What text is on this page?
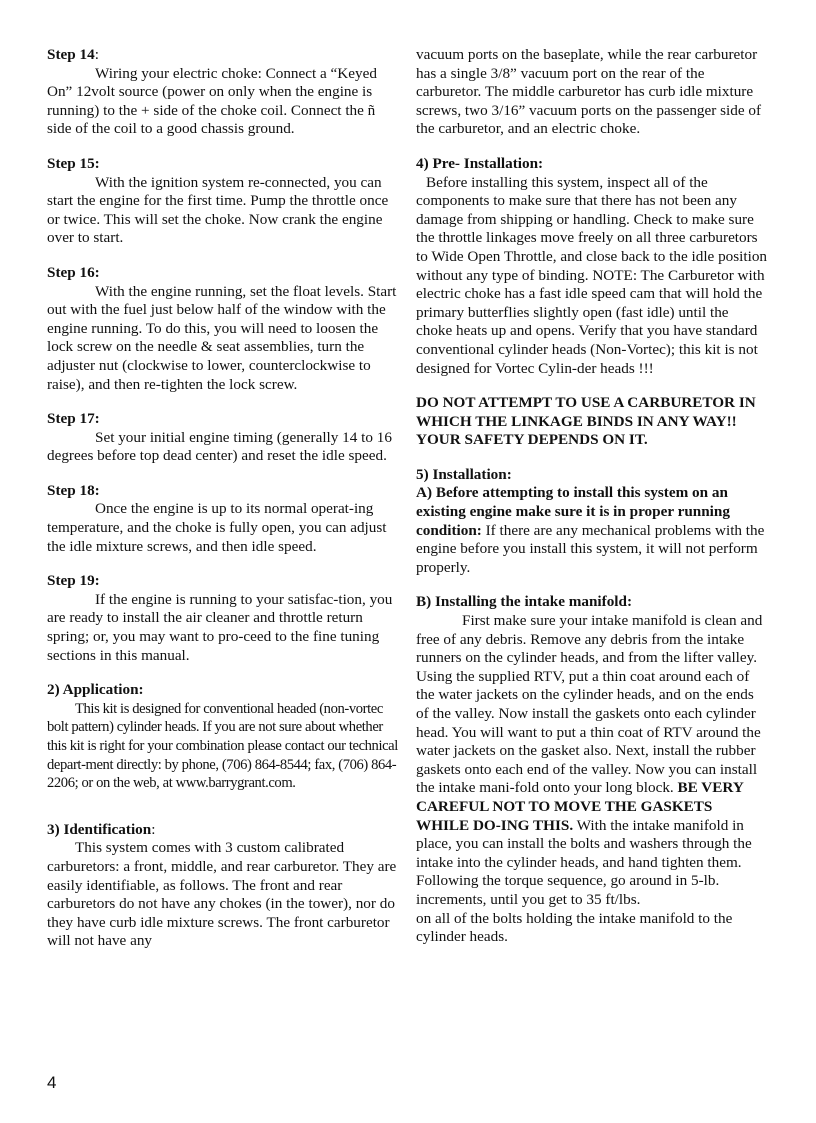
Step 14:
Wiring your electric choke: Connect a “Keyed On” 12volt source (power on only when the engine is running) to the + side of the choke coil. Connect the ñ side of the coil to a good chassis ground.
Step 15:
With the ignition system re-connected, you can start the engine for the first time. Pump the throttle once or twice. This will set the choke. Now crank the engine over to start.
Step 16:
With the engine running, set the float levels. Start out with the fuel just below half of the window with the engine running. To do this, you will need to loosen the lock screw on the needle & seat assemblies, turn the adjuster nut (clockwise to lower, counterclockwise to raise), and then re-tighten the lock screw.
Step 17:
Set your initial engine timing (generally 14 to 16 degrees before top dead center) and reset the idle speed.
Step 18:
Once the engine is up to its normal operat-ing temperature, and the choke is fully open, you can adjust the idle mixture screws, and then idle speed.
Step 19:
If the engine is running to your satisfac-tion, you are ready to install the air cleaner and throttle return spring; or, you may want to pro-ceed to the fine tuning sections in this manual.
2) Application:
This kit is designed for conventional headed (non-vortec bolt pattern) cylinder heads. If you are not sure about whether this kit is right for your combination please contact our technical depart-ment directly: by phone, (706) 864-8544; fax, (706) 864-2206; or on the web, at www.barrygrant.com.
3) Identification:
This system comes with 3 custom calibrated carburetors: a front, middle, and rear carburetor. They are easily identifiable, as follows. The front and rear carburetors do not have any chokes (in the tower), nor do they have curb idle mixture screws. The front carburetor will not have any
vacuum ports on the baseplate, while the rear carburetor has a single 3/8” vacuum port on the rear of the carburetor. The middle carburetor has curb idle mixture screws, two 3/16” vacuum ports on the passenger side of the carburetor, and an electric choke.
4) Pre- Installation:
Before installing this system, inspect all of the components to make sure that there has not been any damage from shipping or handling. Check to make sure the throttle linkages move freely on all three carburetors to Wide Open Throttle, and close back to the idle position without any type of binding. NOTE: The Carburetor with electric choke has a fast idle speed cam that will hold the primary butterflies slightly open (fast idle) until the choke heats up and opens. Verify that you have standard conventional cylinder heads (Non-Vortec); this kit is not designed for Vortec Cylin-der heads !!!
DO NOT ATTEMPT TO USE A CARBURETOR IN WHICH THE LINKAGE BINDS IN ANY WAY!! YOUR SAFETY DEPENDS ON IT.
5) Installation:
A) Before attempting to install this system on an existing engine make sure it is in proper running condition: If there are any mechanical problems with the engine before you install this system, it will not perform properly.
B) Installing the intake manifold:
First make sure your intake manifold is clean and free of any debris. Remove any debris from the intake runners on the cylinder heads, and from the lifter valley. Using the supplied RTV, put a thin coat around each of the water jackets on the cylinder heads, and on the ends of the valley. Now install the gaskets onto each cylinder head. You will want to put a thin coat of RTV around the water jackets on the gasket also. Next, install the rubber gaskets onto each end of the valley. Now you can install the intake mani-fold onto your long block. BE VERY CAREFUL NOT TO MOVE THE GASKETS WHILE DO-ING THIS. With the intake manifold in place, you can install the bolts and washers through the intake into the cylinder heads, and hand tighten them. Following the torque sequence, go around in 5-lb. increments, until you get to 35 ft/lbs.
on all of the bolts holding the intake manifold to the cylinder heads.
4
